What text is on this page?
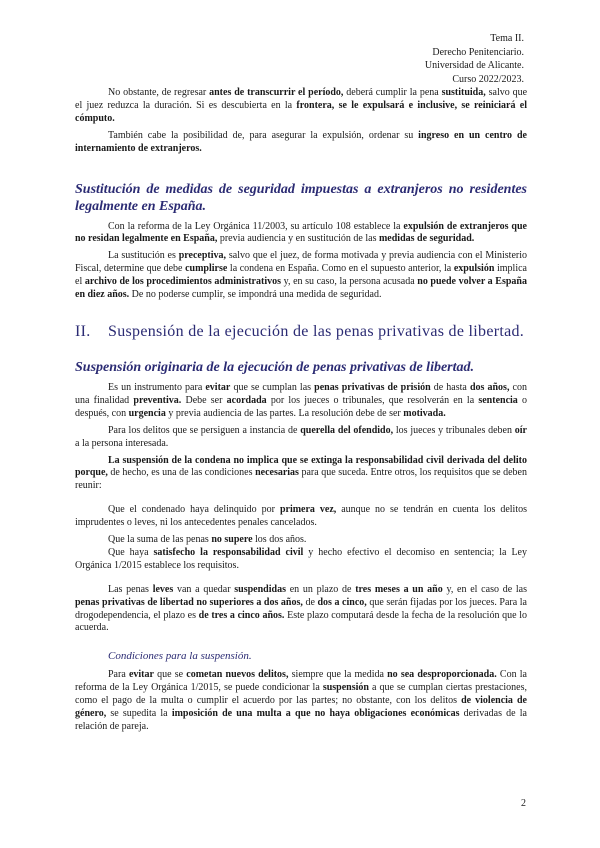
Tema II.
Derecho Penitenciario.
Universidad de Alicante.
Curso 2022/2023.

No obstante, de regresar antes de transcurrir el período, deberá cumplir la pena sustituida, salvo que el juez reduzca la duración. Si es descubierta en la frontera, se le expulsará e inclusive, se reiniciará el cómputo.

También cabe la posibilidad de, para asegurar la expulsión, ordenar su ingreso en un centro de internamiento de extranjeros.

Sustitución de medidas de seguridad impuestas a extranjeros no residentes legalmente en España.

Con la reforma de la Ley Orgánica 11/2003, su artículo 108 establece la expulsión de extranjeros que no residan legalmente en España, previa audiencia y en sustitución de las medidas de seguridad.

La sustitución es preceptiva, salvo que el juez, de forma motivada y previa audiencia con el Ministerio Fiscal, determine que debe cumplirse la condena en España. Como en el supuesto anterior, la expulsión implica el archivo de los procedimientos administrativos y, en su caso, la persona acusada no puede volver a España en diez años. De no poderse cumplir, se impondrá una medida de seguridad.

II.	Suspensión de la ejecución de las penas privativas de libertad.
Suspensión originaria de la ejecución de penas privativas de libertad.

Es un instrumento para evitar que se cumplan las penas privativas de prisión de hasta dos años, con una finalidad preventiva. Debe ser acordada por los jueces o tribunales, que resolverán en la sentencia o después, con urgencia y previa audiencia de las partes. La resolución debe de ser motivada.

Para los delitos que se persiguen a instancia de querella del ofendido, los jueces y tribunales deben oír a la persona interesada.

La suspensión de la condena no implica que se extinga la responsabilidad civil derivada del delito porque, de hecho, es una de las condiciones necesarias para que suceda. Entre otros, los requisitos que se deben reunir:

Que el condenado haya delinquido por primera vez, aunque no se tendrán en cuenta los delitos imprudentes o leves, ni los antecedentes penales cancelados.

Que la suma de las penas no supere los dos años.

Que haya satisfecho la responsabilidad civil y hecho efectivo el decomiso en sentencia; la Ley Orgánica 1/2015 establece los requisitos.

Las penas leves van a quedar suspendidas en un plazo de tres meses a un año y, en el caso de las penas privativas de libertad no superiores a dos años, de dos a cinco, que serán fijadas por los jueces. Para la drogodependencia, el plazo es de tres a cinco años. Este plazo computará desde la fecha de la resolución que lo acuerda.

Condiciones para la suspensión.

Para evitar que se cometan nuevos delitos, siempre que la medida no sea desproporcionada. Con la reforma de la Ley Orgánica 1/2015, se puede condicionar la suspensión a que se cumplan ciertas prestaciones, como el pago de la multa o cumplir el acuerdo por las partes; no obstante, con los delitos de violencia de género, se supedita la imposición de una multa a que no haya obligaciones económicas derivadas de la relación de pareja.

2
